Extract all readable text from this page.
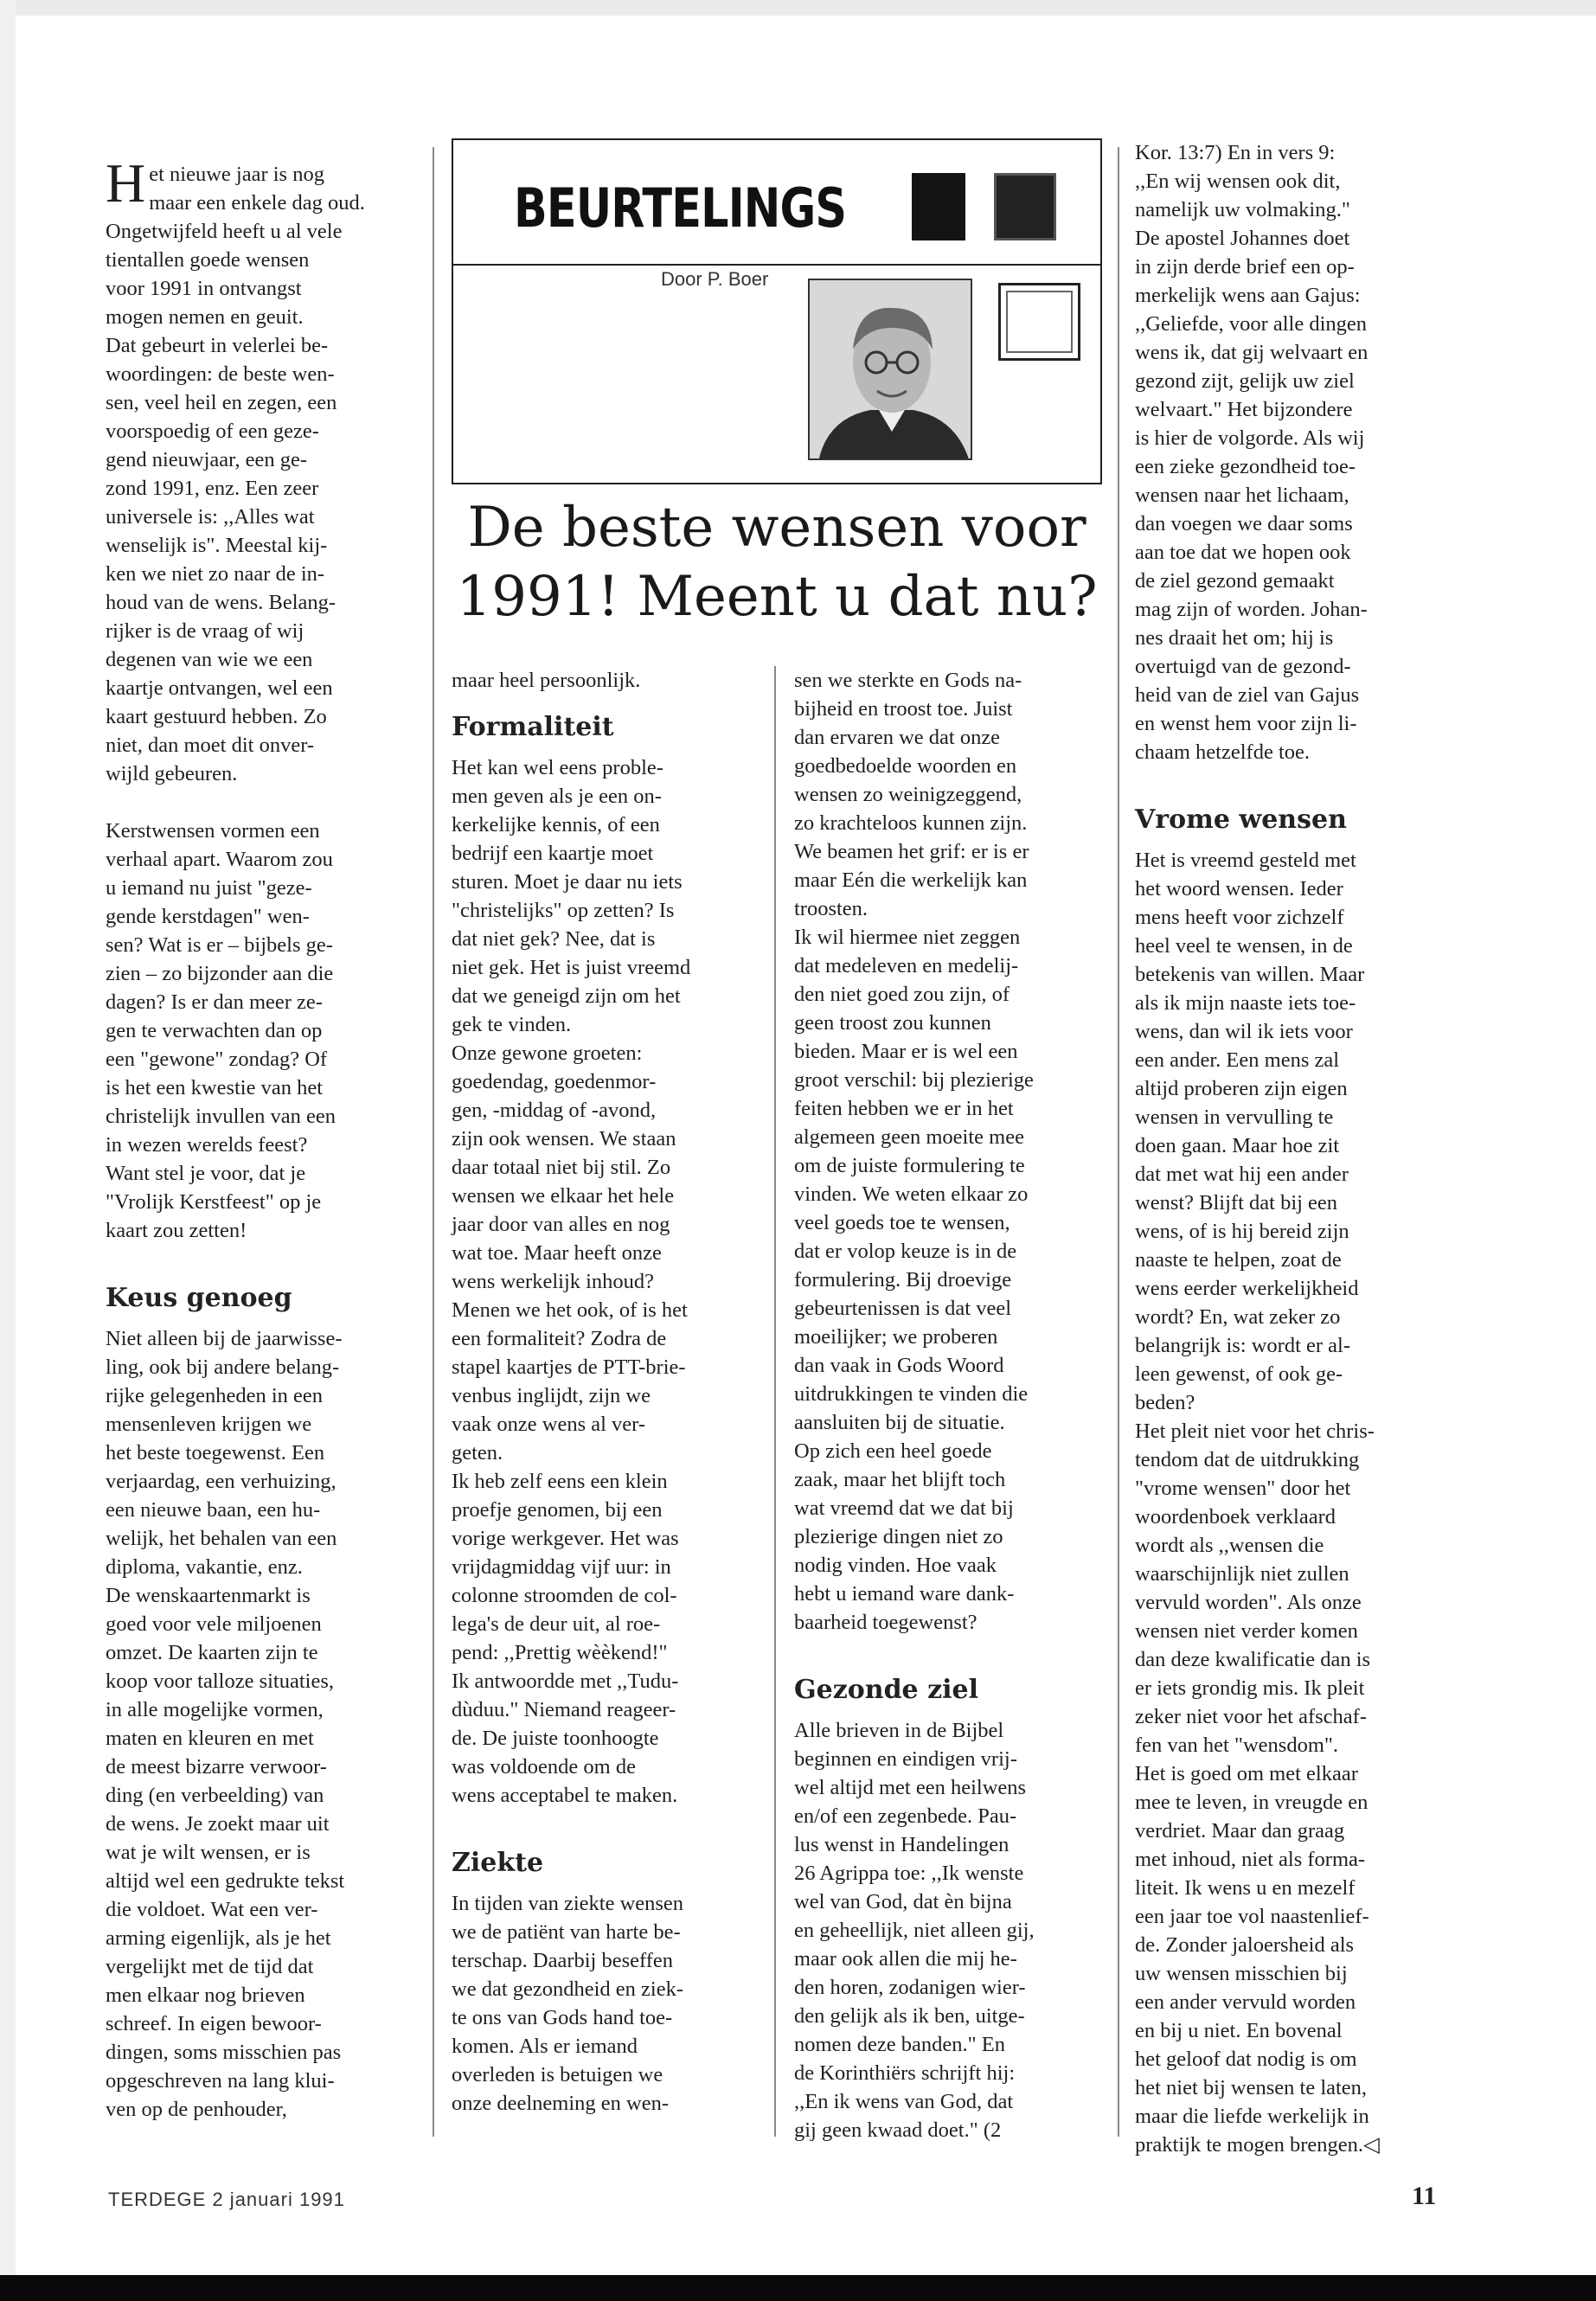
Het nieuwe jaar is nog
maar een enkele dag oud.
Ongetwijfeld heeft u al vele
tientallen goede wensen
voor 1991 in ontvangst
mogen nemen en geuit.
Dat gebeurt in velerlei be-
woordingen: de beste wen-
sen, veel heil en zegen, een
voorspoedig of een geze-
gend nieuwjaar, een ge-
zond 1991, enz. Een zeer
universele is: ,,Alles wat
wenselijk is". Meestal kij-
ken we niet zo naar de in-
houd van de wens. Belang-
rijker is de vraag of wij
degenen van wie we een
kaartje ontvangen, wel een
kaart gestuurd hebben. Zo
niet, dan moet dit onver-
wijld gebeuren.

Kerstwensen vormen een
verhaal apart. Waarom zou
u iemand nu juist "geze-
gende kerstdagen" wen-
sen? Wat is er – bijbels ge-
zien – zo bijzonder aan die
dagen? Is er dan meer ze-
gen te verwachten dan op
een "gewone" zondag? Of
is het een kwestie van het
christelijk invullen van een
in wezen werelds feest?
Want stel je voor, dat je
"Vrolijk Kerstfeest" op je
kaart zou zetten!

Keus genoeg

Niet alleen bij de jaarwisse-
ling, ook bij andere belang-
rijke gelegenheden in een
mensenleven krijgen we
het beste toegewenst. Een
verjaardag, een verhuizing,
een nieuwe baan, een hu-
welijk, het behalen van een
diploma, vakantie, enz.
De wenskaartenmarkt is
goed voor vele miljoenen
omzet. De kaarten zijn te
koop voor talloze situaties,
in alle mogelijke vormen,
maten en kleuren en met
de meest bizarre verwoor-
ding (en verbeelding) van
de wens. Je zoekt maar uit
wat je wilt wensen, er is
altijd wel een gedrukte tekst
die voldoet. Wat een ver-
arming eigenlijk, als je het
vergelijkt met de tijd dat
men elkaar nog brieven
schreef. In eigen bewoor-
dingen, soms misschien pas
opgeschreven na lang klui-
ven op de penhouder,

BEURTELINGS
Door P. Boer
De beste wensen voor 1991! Meent u dat nu?

maar heel persoonlijk.

Formaliteit

Het kan wel eens proble-
men geven als je een on-
kerkelijke kennis, of een
bedrijf een kaartje moet
sturen. Moet je daar nu iets
"christelijks" op zetten? Is
dat niet gek? Nee, dat is
niet gek. Het is juist vreemd
dat we geneigd zijn om het
gek te vinden.
Onze gewone groeten:
goedendag, goedenmor-
gen, -middag of -avond,
zijn ook wensen. We staan
daar totaal niet bij stil. Zo
wensen we elkaar het hele
jaar door van alles en nog
wat toe. Maar heeft onze
wens werkelijk inhoud?
Menen we het ook, of is het
een formaliteit? Zodra de
stapel kaartjes de PTT-brie-
venbus inglijdt, zijn we
vaak onze wens al ver-
geten.
Ik heb zelf eens een klein
proefje genomen, bij een
vorige werkgever. Het was
vrijdagmiddag vijf uur: in
colonne stroomden de col-
lega's de deur uit, al roe-
pend: ,,Prettig wèèkend!"
Ik antwoordde met ,,Tudu-
dùduu." Niemand reageer-
de. De juiste toonhoogte
was voldoende om de
wens acceptabel te maken.

Ziekte

In tijden van ziekte wensen
we de patiënt van harte be-
terschap. Daarbij beseffen
we dat gezondheid en ziek-
te ons van Gods hand toe-
komen. Als er iemand
overleden is betuigen we
onze deelneming en wen-

sen we sterkte en Gods na-
bijheid en troost toe. Juist
dan ervaren we dat onze
goedbedoelde woorden en
wensen zo weinigzeggend,
zo krachteloos kunnen zijn.
We beamen het grif: er is er
maar Eén die werkelijk kan
troosten.
Ik wil hiermee niet zeggen
dat medeleven en medelij-
den niet goed zou zijn, of
geen troost zou kunnen
bieden. Maar er is wel een
groot verschil: bij plezierige
feiten hebben we er in het
algemeen geen moeite mee
om de juiste formulering te
vinden. We weten elkaar zo
veel goeds toe te wensen,
dat er volop keuze is in de
formulering. Bij droevige
gebeurtenissen is dat veel
moeilijker; we proberen
dan vaak in Gods Woord
uitdrukkingen te vinden die
aansluiten bij de situatie.
Op zich een heel goede
zaak, maar het blijft toch
wat vreemd dat we dat bij
plezierige dingen niet zo
nodig vinden. Hoe vaak
hebt u iemand ware dank-
baarheid toegewenst?

Gezonde ziel

Alle brieven in de Bijbel
beginnen en eindigen vrij-
wel altijd met een heilwens
en/of een zegenbede. Pau-
lus wenst in Handelingen
26 Agrippa toe: ,,Ik wenste
wel van God, dat èn bijna
en geheellijk, niet alleen gij,
maar ook allen die mij he-
den horen, zodanigen wier-
den gelijk als ik ben, uitge-
nomen deze banden." En
de Korinthiërs schrijft hij:
,,En ik wens van God, dat
gij geen kwaad doet." (2

Kor. 13:7) En in vers 9:
,,En wij wensen ook dit,
namelijk uw volmaking."
De apostel Johannes doet
in zijn derde brief een op-
merkelijk wens aan Gajus:
,,Geliefde, voor alle dingen
wens ik, dat gij welvaart en
gezond zijt, gelijk uw ziel
welvaart." Het bijzondere
is hier de volgorde. Als wij
een zieke gezondheid toe-
wensen naar het lichaam,
dan voegen we daar soms
aan toe dat we hopen ook
de ziel gezond gemaakt
mag zijn of worden. Johan-
nes draait het om; hij is
overtuigd van de gezond-
heid van de ziel van Gajus
en wenst hem voor zijn li-
chaam hetzelfde toe.

Vrome wensen

Het is vreemd gesteld met
het woord wensen. Ieder
mens heeft voor zichzelf
heel veel te wensen, in de
betekenis van willen. Maar
als ik mijn naaste iets toe-
wens, dan wil ik iets voor
een ander. Een mens zal
altijd proberen zijn eigen
wensen in vervulling te
doen gaan. Maar hoe zit
dat met wat hij een ander
wenst? Blijft dat bij een
wens, of is hij bereid zijn
naaste te helpen, zoat de
wens eerder werkelijkheid
wordt? En, wat zeker zo
belangrijk is: wordt er al-
leen gewenst, of ook ge-
beden?
Het pleit niet voor het chris-
tendom dat de uitdrukking
"vrome wensen" door het
woordenboek verklaard
wordt als ,,wensen die
waarschijnlijk niet zullen
vervuld worden". Als onze
wensen niet verder komen
dan deze kwalificatie dan is
er iets grondig mis. Ik pleit
zeker niet voor het afschaf-
fen van het "wensdom".
Het is goed om met elkaar
mee te leven, in vreugde en
verdriet. Maar dan graag
met inhoud, niet als forma-
liteit. Ik wens u en mezelf
een jaar toe vol naastenlief-
de. Zonder jaloersheid als
uw wensen misschien bij
een ander vervuld worden
en bij u niet. En bovenal
het geloof dat nodig is om
het niet bij wensen te laten,
maar die liefde werkelijk in
praktijk te mogen brengen.◁

TERDEGE 2 januari 1991	11
